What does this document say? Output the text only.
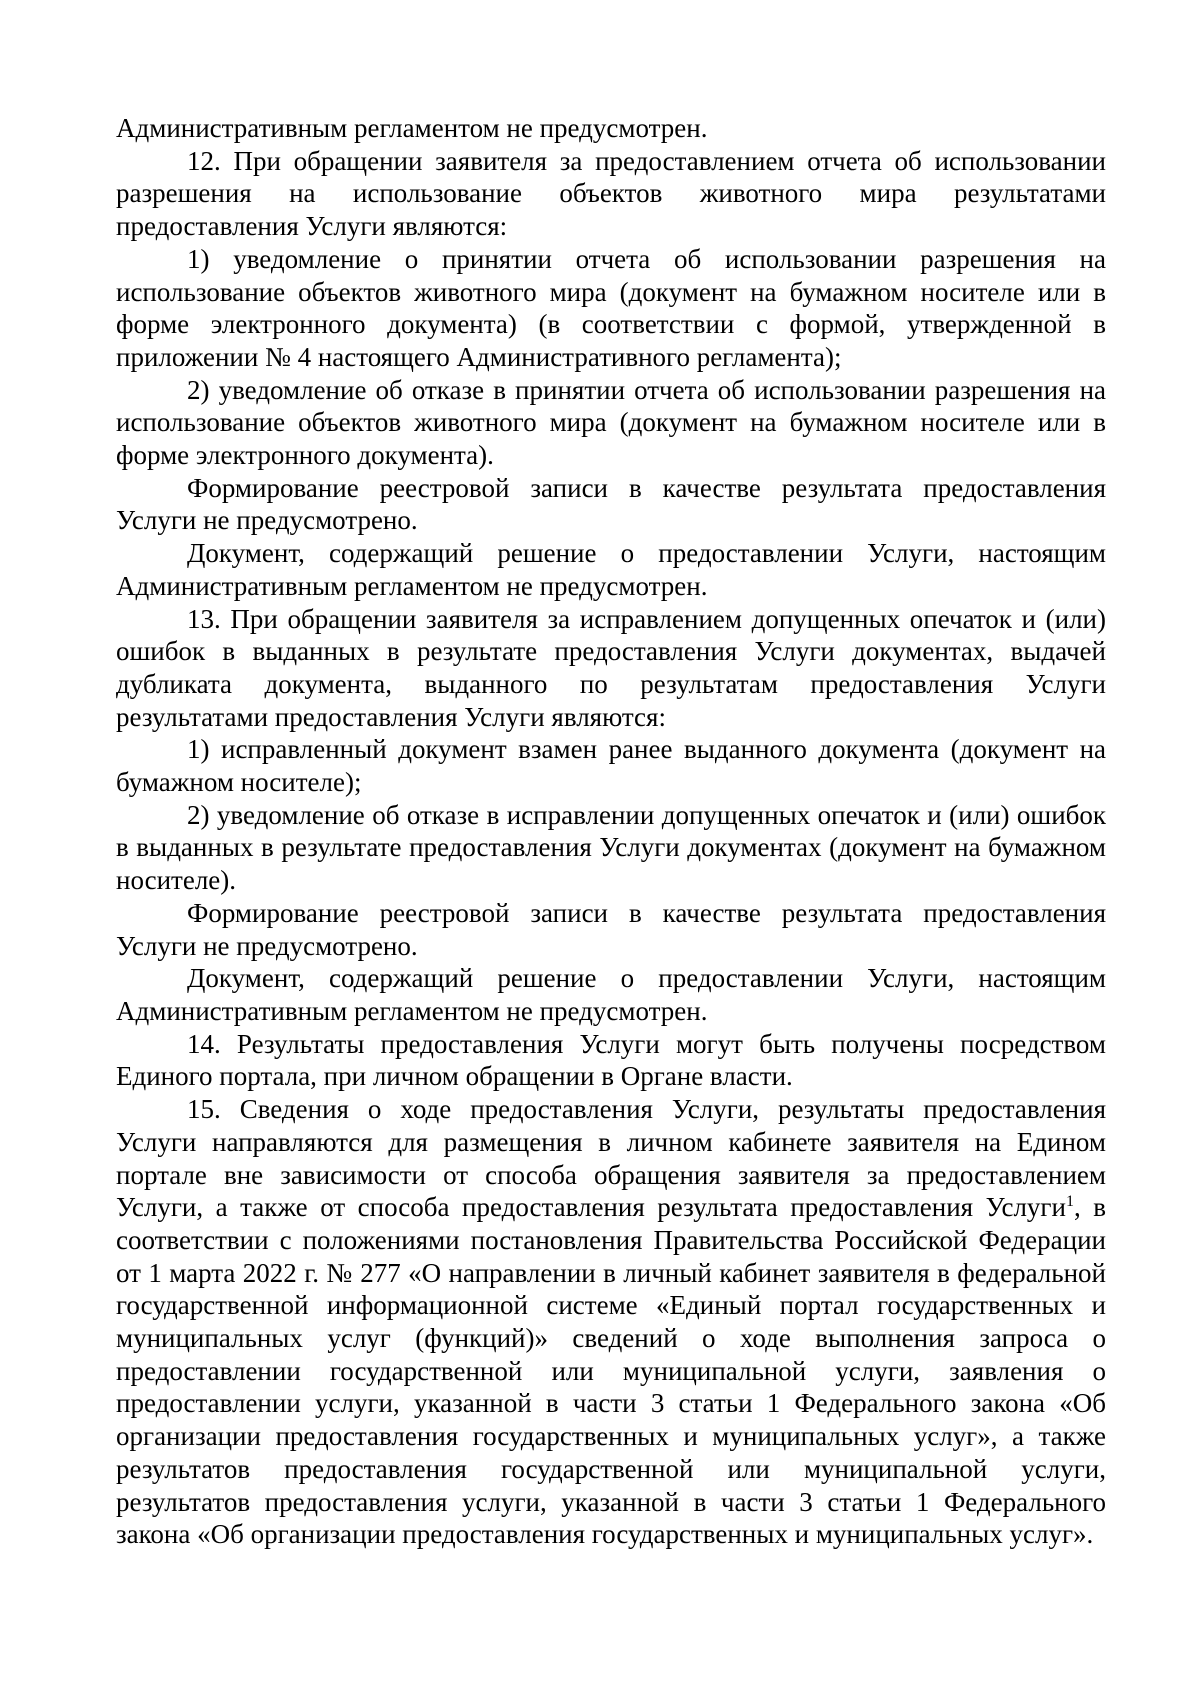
Административным регламентом не предусмотрен.

12. При обращении заявителя за предоставлением отчета об использовании разрешения на использование объектов животного мира результатами предоставления Услуги являются:

1) уведомление о принятии отчета об использовании разрешения на использование объектов животного мира (документ на бумажном носителе или в форме электронного документа) (в соответствии с формой, утвержденной в приложении № 4 настоящего Административного регламента);

2) уведомление об отказе в принятии отчета об использовании разрешения на использование объектов животного мира (документ на бумажном носителе или в форме электронного документа).

Формирование реестровой записи в качестве результата предоставления Услуги не предусмотрено.

Документ, содержащий решение о предоставлении Услуги, настоящим Административным регламентом не предусмотрен.

13. При обращении заявителя за исправлением допущенных опечаток и (или) ошибок в выданных в результате предоставления Услуги документах, выдачей дубликата документа, выданного по результатам предоставления Услуги результатами предоставления Услуги являются:

1) исправленный документ взамен ранее выданного документа (документ на бумажном носителе);

2) уведомление об отказе в исправлении допущенных опечаток и (или) ошибок в выданных в результате предоставления Услуги документах (документ на бумажном носителе).

Формирование реестровой записи в качестве результата предоставления Услуги не предусмотрено.

Документ, содержащий решение о предоставлении Услуги, настоящим Административным регламентом не предусмотрен.

14. Результаты предоставления Услуги могут быть получены посредством Единого портала, при личном обращении в Органе власти.

15. Сведения о ходе предоставления Услуги, результаты предоставления Услуги направляются для размещения в личном кабинете заявителя на Едином портале вне зависимости от способа обращения заявителя за предоставлением Услуги, а также от способа предоставления результата предоставления Услуги$^1$, в соответствии с положениями постановления Правительства Российской Федерации от 1 марта 2022 г. № 277 «О направлении в личный кабинет заявителя в федеральной государственной информационной системе «Единый портал государственных и муниципальных услуг (функций)» сведений о ходе выполнения запроса о предоставлении государственной или муниципальной услуги, заявления о предоставлении услуги, указанной в части 3 статьи 1 Федерального закона «Об организации предоставления государственных и муниципальных услуг», а также результатов предоставления государственной или муниципальной услуги, результатов предоставления услуги, указанной в части 3 статьи 1 Федерального закона «Об организации предоставления государственных и муниципальных услуг».
